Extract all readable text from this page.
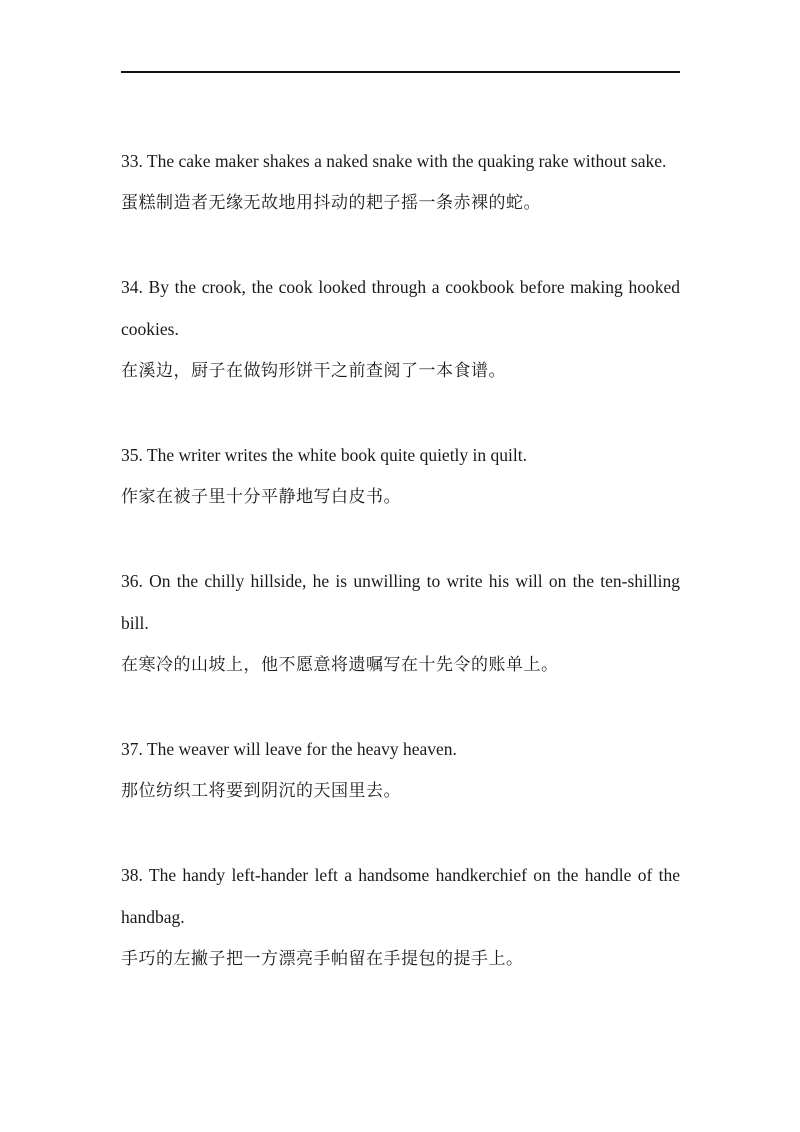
33. The cake maker shakes a naked snake with the quaking rake without sake.

蛋糕制造者无缘无故地用抖动的耙子摇一条赤裸的蛇。

34. By the crook, the cook looked through a cookbook before making hooked cookies.

在溪边，厨子在做钩形饼干之前查阅了一本食谱。

35. The writer writes the white book quite quietly in quilt.

作家在被子里十分平静地写白皮书。

36. On the chilly hillside, he is unwilling to write his will on the ten-shilling bill.

在寒冷的山坡上，他不愿意将遗嘱写在十先令的账单上。

37. The weaver will leave for the heavy heaven.

那位纺织工将要到阴沉的天国里去。

38. The handy left-hander left a handsome handkerchief on the handle of the handbag.

手巧的左撇子把一方漂亮手帕留在手提包的提手上。
